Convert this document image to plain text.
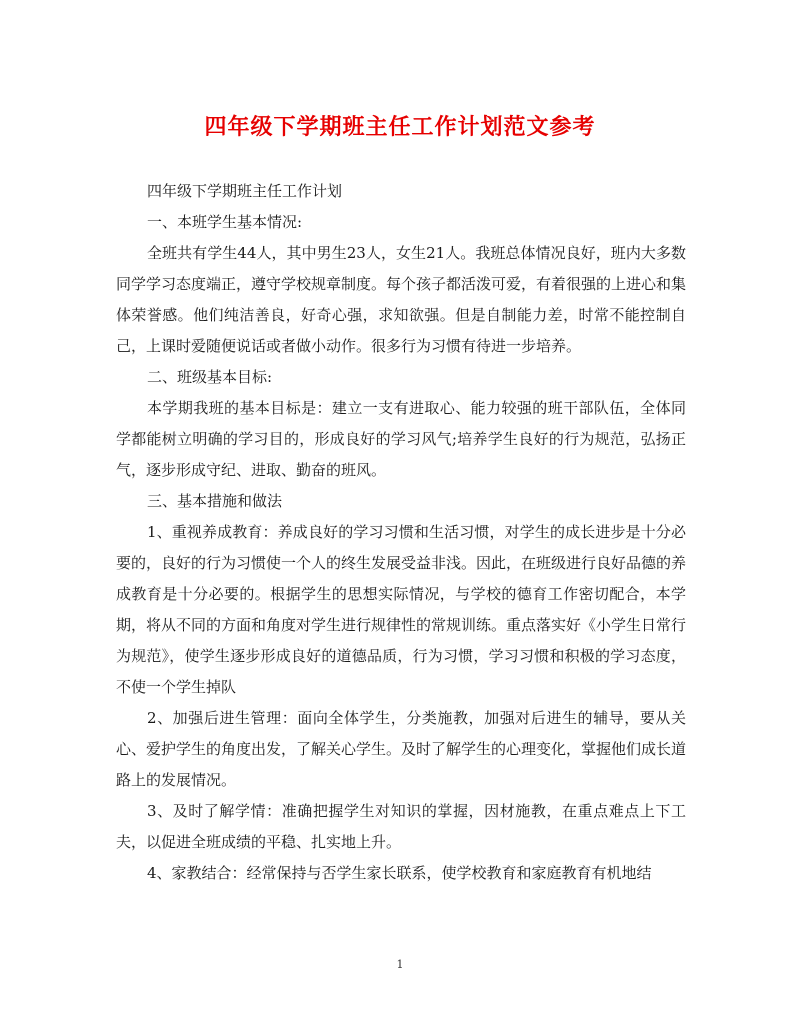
四年级下学期班主任工作计划范文参考

四年级下学期班主任工作计划

一、本班学生基本情况:

全班共有学生44人，其中男生23人，女生21人。我班总体情况良好，班内大多数同学学习态度端正，遵守学校规章制度。每个孩子都活泼可爱，有着很强的上进心和集体荣誉感。他们纯洁善良，好奇心强，求知欲强。但是自制能力差，时常不能控制自己，上课时爱随便说话或者做小动作。很多行为习惯有待进一步培养。

二、班级基本目标:

本学期我班的基本目标是：建立一支有进取心、能力较强的班干部队伍，全体同学都能树立明确的学习目的，形成良好的学习风气;培养学生良好的行为规范，弘扬正气，逐步形成守纪、进取、勤奋的班风。

三、基本措施和做法

1、重视养成教育：养成良好的学习习惯和生活习惯，对学生的成长进步是十分必要的，良好的行为习惯使一个人的终生发展受益非浅。因此，在班级进行良好品德的养成教育是十分必要的。根据学生的思想实际情况，与学校的德育工作密切配合，本学期，将从不同的方面和角度对学生进行规律性的常规训练。重点落实好《小学生日常行为规范》，使学生逐步形成良好的道德品质，行为习惯，学习习惯和积极的学习态度，不使一个学生掉队

2、加强后进生管理：面向全体学生，分类施教，加强对后进生的辅导，要从关心、爱护学生的角度出发，了解关心学生。及时了解学生的心理变化，掌握他们成长道路上的发展情况。

3、及时了解学情：准确把握学生对知识的掌握，因材施教，在重点难点上下工夫，以促进全班成绩的平稳、扎实地上升。

4、家教结合：经常保持与否学生家长联系，使学校教育和家庭教育有机地结

1
